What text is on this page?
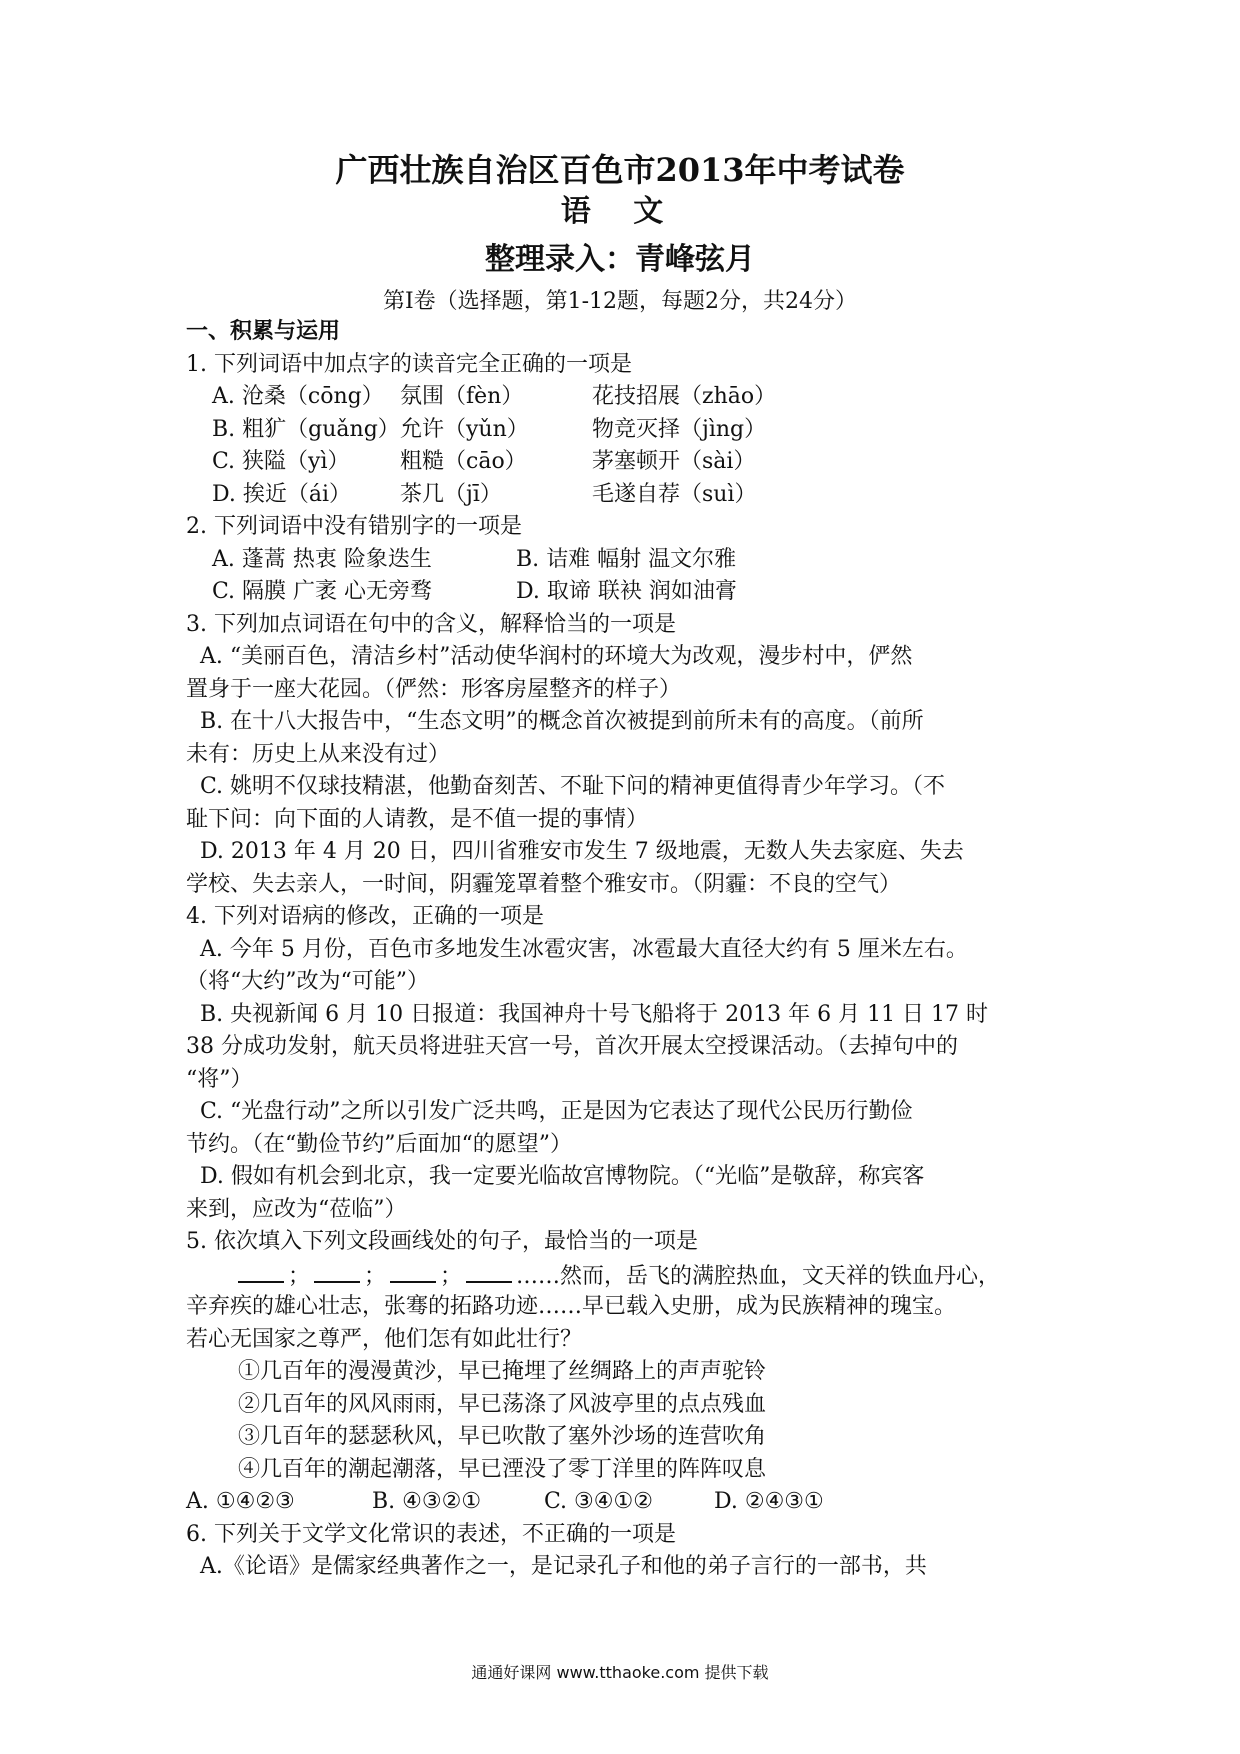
广西壮族自治区百色市2013年中考试卷
语 文
整理录入：青峰弦月
第Ⅰ卷（选择题，第1-12题，每题2分，共24分）
一、积累与运用
1. 下列词语中加点字的读音完全正确的一项是
A. 沧桑（cōng） 氛围（fèn）	花技招展（zhāo）
B. 粗犷（guǎng） 允许（yǔn）	物竞灭择（jìng）
C. 狭隘（yì） 粗糙（cāo）	茅塞顿开（sài）
D. 挨近（ái） 茶几（jī）	毛遂自荐（suì）
2. 下列词语中没有错别字的一项是
A. 蓬蒿 热衷 险象迭生	B. 诘难 幅射 温文尔雅
C. 隔膜 广袤 心无旁骛	D. 取谛 联袂 润如油膏
3. 下列加点词语在句中的含义，解释恰当的一项是
A. “美丽百色，清洁乡村”活动使华润村的环境大为改观，漫步村中，俨然
置身于一座大花园。（俨然：形客房屋整齐的样子）
B. 在十八大报告中，“生态文明”的概念首次被提到前所未有的高度。（前所
未有：历史上从来没有过）
C. 姚明不仅球技精湛，他勤奋刻苦、不耻下问的精神更值得青少年学习。（不
耻下问：向下面的人请教，是不值一提的事情）
D. 2013 年 4 月 20 日，四川省雅安市发生 7 级地震，无数人失去家庭、失去
学校、失去亲人，一时间，阴霾笼罩着整个雅安市。（阴霾：不良的空气）
4. 下列对语病的修改，正确的一项是
A. 今年 5 月份，百色市多地发生冰雹灾害，冰雹最大直径大约有 5 厘米左右。
（将“大约”改为“可能”）
B. 央视新闻 6 月 10 日报道：我国神舟十号飞船将于 2013 年 6 月 11 日 17 时
38 分成功发射，航天员将进驻天宫一号，首次开展太空授课活动。（去掉句中的
“将”）
C. “光盘行动”之所以引发广泛共鸣，正是因为它表达了现代公民历行勤俭
节约。（在“勤俭节约”后面加“的愿望”）
D. 假如有机会到北京，我一定要光临故宫博物院。（“光临”是敬辞，称宾客
来到，应改为“莅临”）
5. 依次填入下列文段画线处的句子，最恰当的一项是
； ； ； ……然而，岳飞的满腔热血，文天祥的铁血丹心，
辛弃疾的雄心壮志，张骞的拓路功迹……早已载入史册，成为民族精神的瑰宝。
若心无国家之尊严，他们怎有如此壮行？
①几百年的漫漫黄沙，早已掩埋了丝绸路上的声声驼铃
②几百年的风风雨雨，早已荡涤了风波亭里的点点残血
③几百年的瑟瑟秋风，早已吹散了塞外沙场的连营吹角
④几百年的潮起潮落，早已湮没了零丁洋里的阵阵叹息
A. ①④②③	B. ④③②①	C. ③④①②	D. ②④③①
6. 下列关于文学文化常识的表述，不正确的一项是
A.《论语》是儒家经典著作之一，是记录孔子和他的弟子言行的一部书，共
通通好课网 www.tthaoke.com 提供下载
